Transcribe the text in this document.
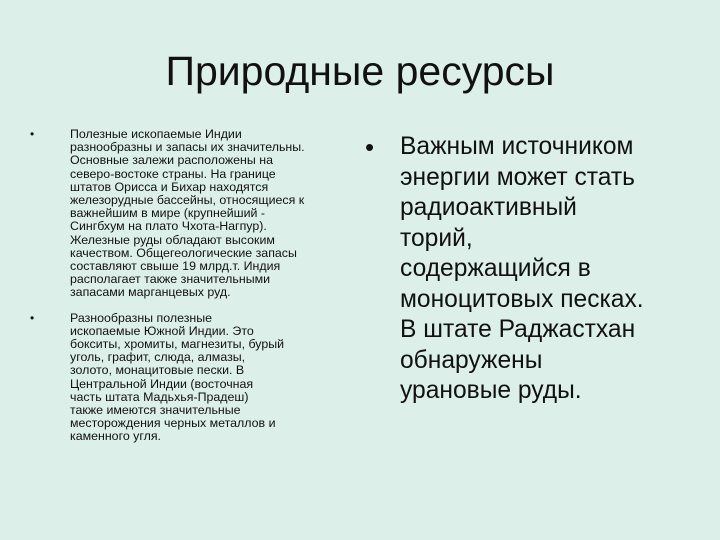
Природные ресурсы
•	Полезные ископаемые Индии
разнообразны и запасы их значительны.
Основные залежи расположены на
северо-востоке страны. На границе
штатов Орисса и Бихар находятся
железорудные бассейны, относящиеся к
важнейшим в мире (крупнейший -
Сингбхум на плато Чхота-Нагпур).
Железные руды обладают высоким
качеством. Общегеологические запасы
составляют свыше 19 млрд.т. Индия
располагает также значительными
запасами марганцевых руд.
•	Разнообразны полезные
ископаемые Южной Индии. Это
бокситы, хромиты, магнезиты, бурый
уголь, графит, слюда, алмазы,
золото, монацитовые пески. В
Центральной Индии (восточная
часть штата Мадьхья-Прадеш)
также имеются значительные
месторождения черных металлов и
каменного угля.
• Важным источником
энергии может стать
радиоактивный
торий,
содержащийся в
моноцитовых песках.
В штате Раджастхан
обнаружены
урановые руды.
